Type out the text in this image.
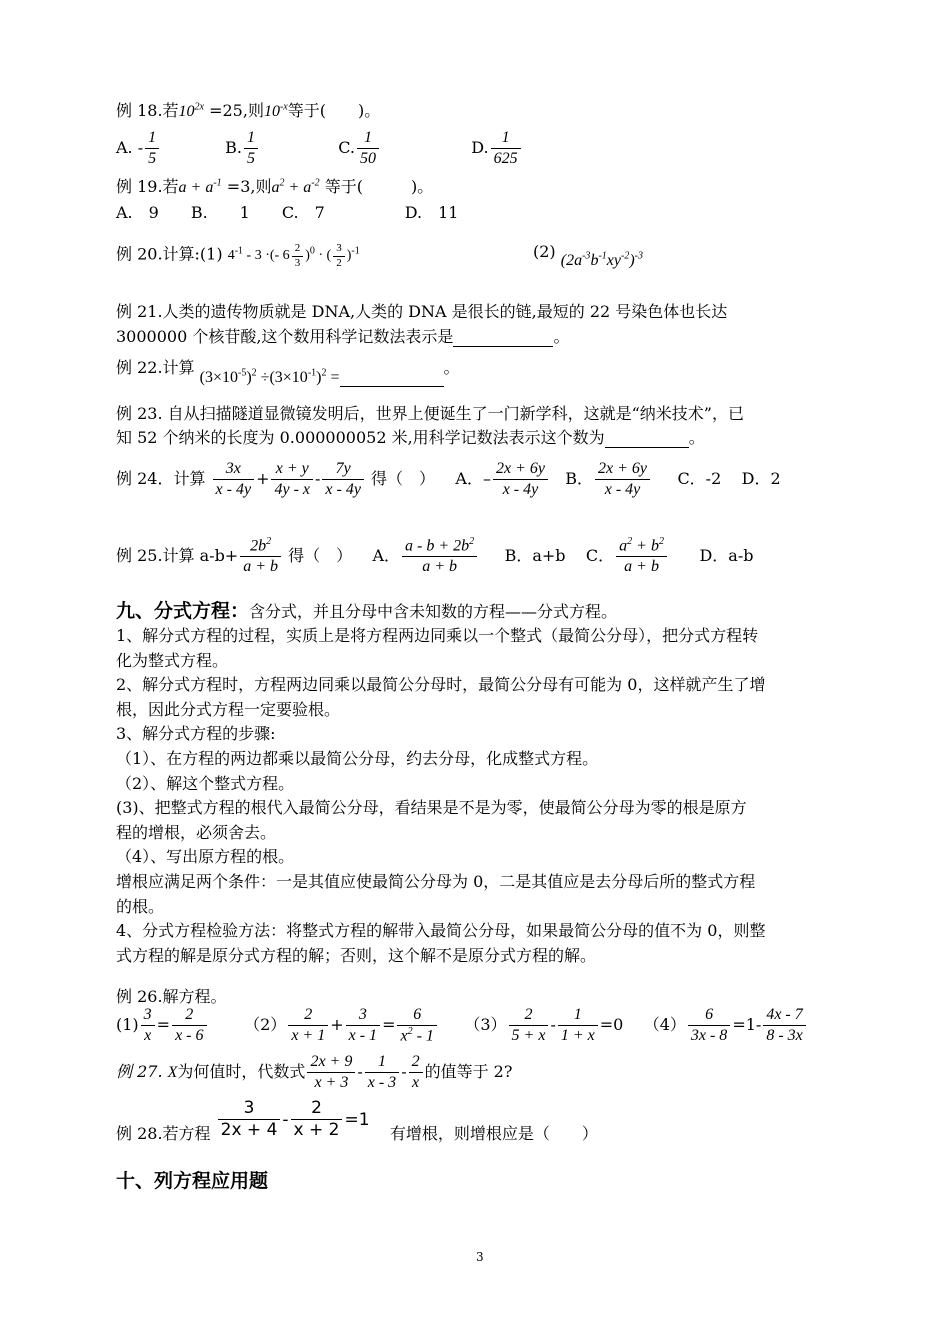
例 18.若$10^{2x} =25$,则$10^{-x}$等于(　　)。
A. - $\frac{1}{5}$	B. $\frac{1}{5}$	C. $\frac{1}{50}$	D. $\frac{1}{625}$
例 19.若$a + a^{-1} =3$,则$a^2 + a^{-2}$ 等于(　　　)。
A.　9　　B.　　1　　C.　7　　　　　D.　11
例 20.计算:(1) $4^{-1} - 3$ ·(- $6 \frac{2}{3} )^0$ · ( $\frac{3}{2} )^{-1}$	(2) $(2a^{-3}b^{-1}xy^{-2})^{-3}$
例 21.人类的遗传物质就是 DNA,人类的 DNA 是很长的链,最短的 22 号染色体也长达
3000000 个核苷酸,这个数用科学记数法表示是	。
例 22.计算 $(3\times 10^{-5})^2 \div(3\times 10^{-1})^2$ = 。
例 23. 自从扫描隧道显微镜发明后，世界上便诞生了一门新学科，这就是“纳米技术”，已
知 52 个纳米的长度为 0.000000052 米,用科学记数法表示这个数为	。
例 24．计算 $\frac{3x}{x - 4y} + \frac{x + y}{4y - x} - \frac{7y}{x - 4y}$ 得（　） A．– $\frac{2x + 6y}{x - 4y}$ B． $\frac{2x + 6y}{x - 4y}$ C．-2 D．2
例 25.计算 $a-b+ \frac{2b^2}{a + b}$ 得（　） A． $\frac{a - b + 2b^2}{a + b}$ B．a+b C． $\frac{a^2 + b^2}{a + b}$ D．a-b
九、分式方程：含分式，并且分母中含未知数的方程——分式方程。
1、解分式方程的过程，实质上是将方程两边同乘以一个整式（最简公分母），把分式方程转
化为整式方程。
2、解分式方程时，方程两边同乘以最简公分母时，最简公分母有可能为 0，这样就产生了增
根，因此分式方程一定要验根。
3、解分式方程的步骤:
（1）、在方程的两边都乘以最简公分母，约去分母，化成整式方程。
（2）、解这个整式方程。
(3)、把整式方程的根代入最简公分母，看结果是不是为零，使最简公分母为零的根是原方
程的增根，必须舍去。
（4）、写出原方程的根。
增根应满足两个条件：一是其值应使最简公分母为 0，二是其值应是去分母后所的整式方程
的根。
4、分式方程检验方法：将整式方程的解带入最简公分母，如果最简公分母的值不为 0，则整
式方程的解是原分式方程的解；否则，这个解不是原分式方程的解。
例 26.解方程。
$(1) \frac{3}{x} = \frac{2}{x - 6} (2) \frac{2}{x + 1} + \frac{3}{x - 1} = \frac{6}{x^2 - 1} (3) \frac{2}{5 + x} - \frac{1}{1 + x} =0$    $(4) \frac{6}{3x - 8} =1- \frac{4x - 7}{8 - 3x}$
例 27. X为何值时，代数式 $\frac{2x + 9}{x + 3} - \frac{1}{x - 3} - \frac{2}{x}$ 的值等于 2?
例 28.若方程 $\frac{3}{2x + 4} - \frac{2}{x + 2} =1$    有增根，则增根应是（　　）
十、列方程应用题
3
